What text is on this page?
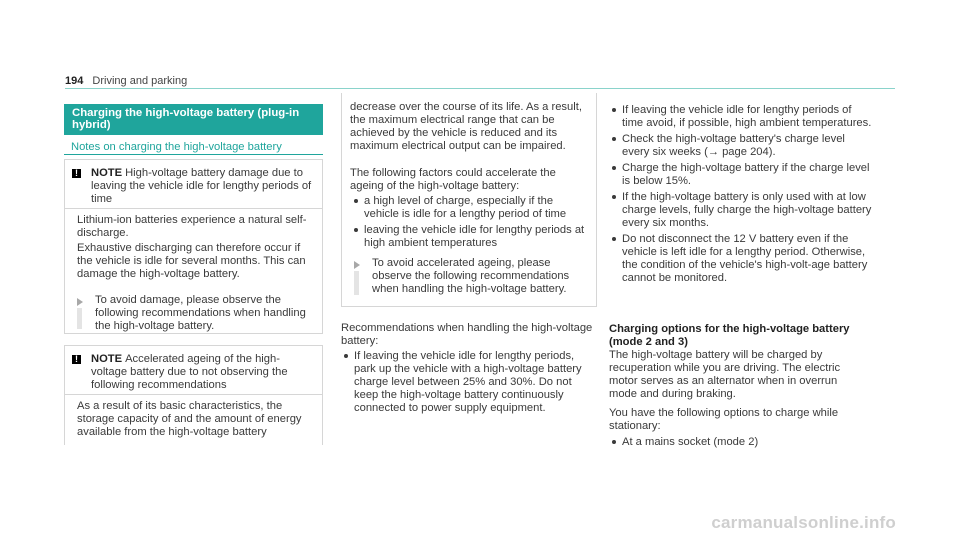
194 Driving and parking
Charging the high-voltage battery (plug-in hybrid)
Notes on charging the high-voltage battery
! NOTE High-voltage battery damage due to leaving the vehicle idle for lengthy periods of time

Lithium-ion batteries experience a natural self-discharge.

Exhaustive discharging can therefore occur if the vehicle is idle for several months. This can damage the high-voltage battery.

To avoid damage, please observe the following recommendations when handling the high-voltage battery.

! NOTE Accelerated ageing of the high-voltage battery due to not observing the following recommendations

As a result of its basic characteristics, the storage capacity of and the amount of energy available from the high-voltage battery

decrease over the course of its life. As a result, the maximum electrical range that can be achieved by the vehicle is reduced and its maximum electrical output can be impaired.

The following factors could accelerate the ageing of the high-voltage battery:

a high level of charge, especially if the vehicle is idle for a lengthy period of time
leaving the vehicle idle for lengthy periods at high ambient temperatures

To avoid accelerated ageing, please observe the following recommendations when handling the high-voltage battery.

Recommendations when handling the high-voltage battery:

If leaving the vehicle idle for lengthy periods, park up the vehicle with a high-voltage battery charge level between 25% and 30%. Do not keep the high-voltage battery continuously connected to power supply equipment.
If leaving the vehicle idle for lengthy periods of time avoid, if possible, high ambient temperatures.
Check the high-voltage battery's charge level every six weeks (→ page 204).
Charge the high-voltage battery if the charge level is below 15%.
If the high-voltage battery is only used with at low charge levels, fully charge the high-voltage battery every six months.
Do not disconnect the 12 V battery even if the vehicle is left idle for a lengthy period. Otherwise, the condition of the vehicle's high-volt-age battery cannot be monitored.
Charging options for the high-voltage battery
(mode 2 and 3)

The high-voltage battery will be charged by recuperation while you are driving. The electric motor serves as an alternator when in overrun mode and during braking.

You have the following options to charge while stationary:

At a mains socket (mode 2)
carmanualsonline.info
